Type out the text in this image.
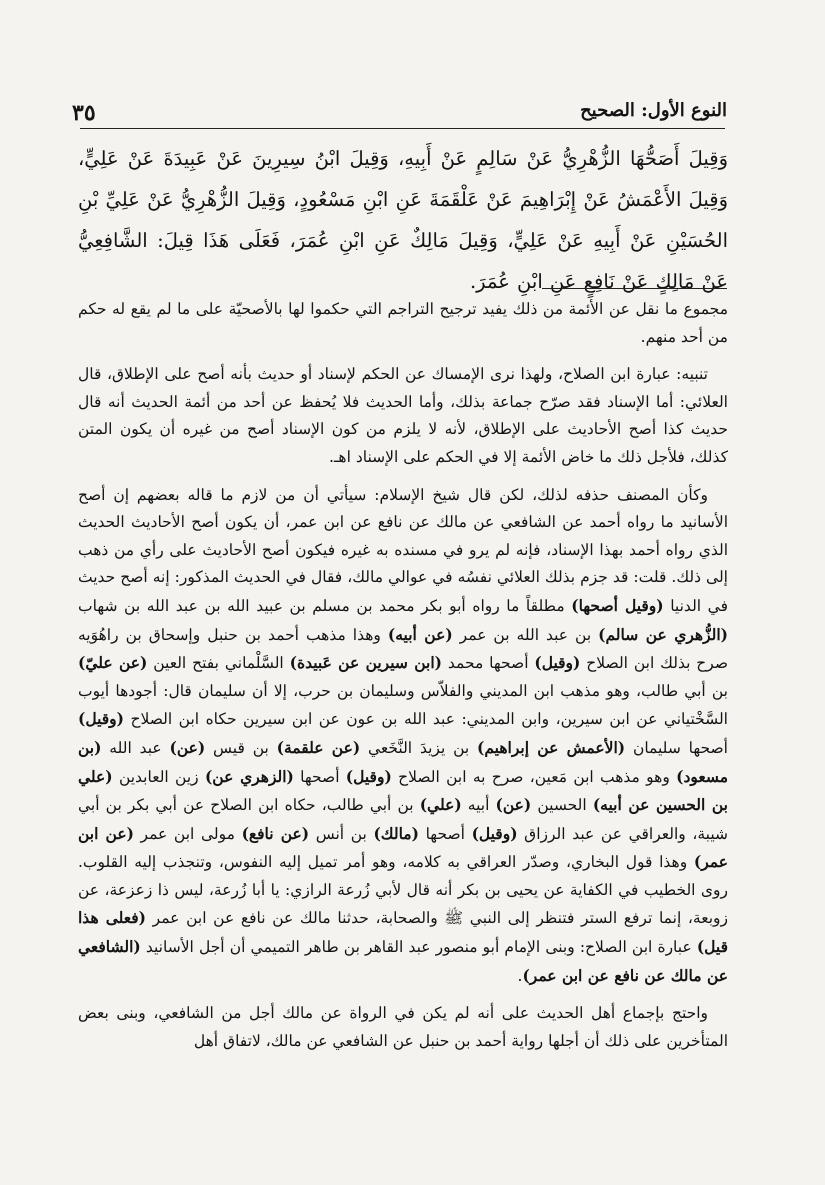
النوع الأول: الصحيح
٣٥

وَقِيلَ أَصَحُّهَا الزُّهْرِيُّ عَنْ سَالِمٍ عَنْ أَبِيهِ، وَقِيلَ ابْنُ سِيرِينَ عَنْ عَبِيدَةَ عَنْ عَلِيٍّ، وَقِيلَ الأَعْمَشُ عَنْ إِبْرَاهِيمَ عَنْ عَلْقَمَةَ عَنِ ابْنِ مَسْعُودٍ، وَقِيلَ الزُّهْرِيُّ عَنْ عَلِيِّ بْنِ الحُسَيْنِ عَنْ أَبِيهِ عَنْ عَلِيٍّ، وَقِيلَ مَالِكٌ عَنِ ابْنِ عُمَرَ، فَعَلَى هَذَا قِيلَ: الشَّافِعِيُّ عَنْ مَالِكٍ عَنْ نَافِعٍ عَنِ ابْنِ عُمَرَ.

مجموع ما نقل عن الأئمة من ذلك يفيد ترجيح التراجم التي حكموا لها بالأصحيّة على ما لم يقع له حكم من أحد منهم.

تنبيه: عبارة ابن الصلاح، ولهذا نرى الإمساك عن الحكم لإسناد أو حديث بأنه أصح على الإطلاق، قال العلائي: أما الإسناد فقد صرّح جماعة بذلك، وأما الحديث فلا يُحفظ عن أحد من أئمة الحديث أنه قال حديث كذا أصح الأحاديث على الإطلاق، لأنه لا يلزم من كون الإسناد أصح من غيره أن يكون المتن كذلك، فلأجل ذلك ما خاض الأئمة إلا في الحكم على الإسناد اهـ.

وكأن المصنف حذفه لذلك، لكن قال شيخ الإسلام: سيأتي أن من لازم ما قاله بعضهم إن أصح الأسانيد ما رواه أحمد عن الشافعي عن مالك عن نافع عن ابن عمر، أن يكون أصح الأحاديث الحديث الذي رواه أحمد بهذا الإسناد، فإنه لم يرو في مسنده به غيره فيكون أصح الأحاديث على رأي من ذهب إلى ذلك. قلت: قد جزم بذلك العلائي نفسُه في عوالي مالك، فقال في الحديث المذكور: إنه أصح حديث في الدنيا (وقيل أصحها) مطلقاً ما رواه أبو بكر محمد بن مسلم بن عبيد الله بن عبد الله بن شهاب (الزُّهري عن سالم) بن عبد الله بن عمر (عن أبيه) وهذا مذهب أحمد بن حنبل وإسحاق بن راهُوَيه صرح بذلك ابن الصلاح (وقيل) أصحها محمد (ابن سيرين عن عَبيدة) السَّلْماني بفتح العين (عن عليّ) بن أبي طالب، وهو مذهب ابن المديني والفلاّس وسليمان بن حرب، إلا أن سليمان قال: أجودها أيوب السَّخْتياني عن ابن سيرين، وابن المديني: عبد الله بن عون عن ابن سيرين حكاه ابن الصلاح (وقيل) أصحها سليمان (الأعمش عن إبراهيم) بن يزيدَ النَّخَعي (عن علقمة) بن قيس (عن) عبد الله (بن مسعود) وهو مذهب ابن مَعين، صرح به ابن الصلاح (وقيل) أصحها (الزهري عن) زين العابدين (علي بن الحسين عن أبيه) الحسين (عن) أبيه (علي) بن أبي طالب، حكاه ابن الصلاح عن أبي بكر بن أبي شيبة، والعراقي عن عبد الرزاق (وقيل) أصحها (مالك) بن أنس (عن نافع) مولى ابن عمر (عن ابن عمر) وهذا قول البخاري، وصدّر العراقي به كلامه، وهو أمر تميل إليه النفوس، وتنجذب إليه القلوب. روى الخطيب في الكفاية عن يحيى بن بكر أنه قال لأبي زُرعة الرازي: يا أبا زُرعة، ليس ذا زعزعة، عن زوبعة، إنما ترفع الستر فتنظر إلى النبي ﷺ والصحابة، حدثنا مالك عن نافع عن ابن عمر (فعلى هذا قيل) عبارة ابن الصلاح: وبنى الإمام أبو منصور عبد القاهر بن طاهر التميمي أن أجل الأسانيد (الشافعي عن مالك عن نافع عن ابن عمر).

واحتج بإجماع أهل الحديث على أنه لم يكن في الرواة عن مالك أجل من الشافعي، وبنى بعض المتأخرين على ذلك أن أجلها رواية أحمد بن حنبل عن الشافعي عن مالك، لاتفاق أهل
